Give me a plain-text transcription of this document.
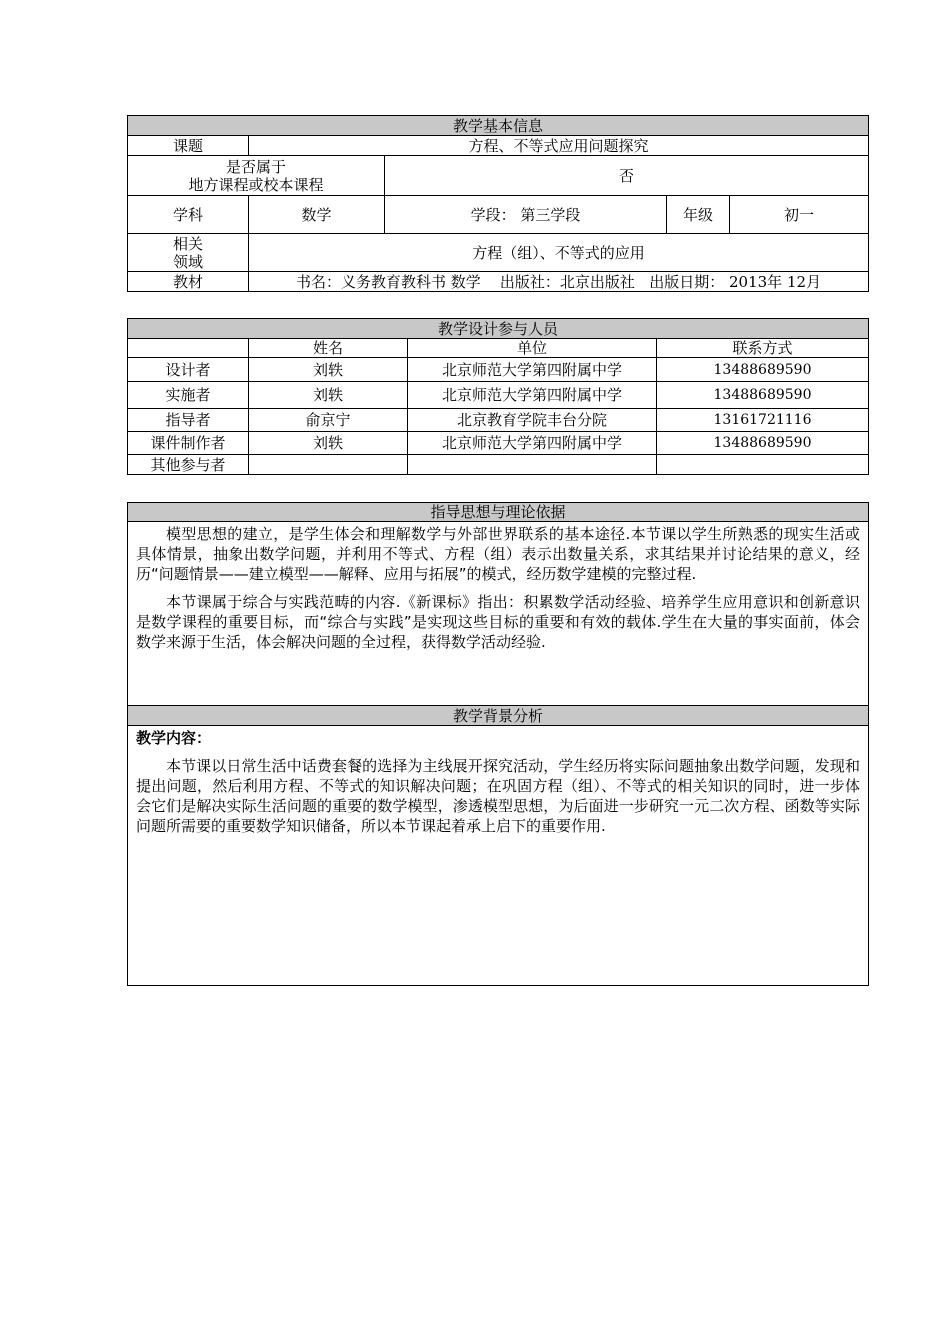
教学基本信息				
课题	方程、不等式应用问题探究			

是否属于
地方课程或校本课程		否		
学科	数学	学段： 第三学段	年级	初一

相关
领域	方程（组）、不等式的应用			
教材	书名：义务教育教科书 数学 出版社：北京出版社 出版日期： 2013年 12月			
教学设计参与人员			
	姓名	单位	联系方式
设计者	刘轶	北京师范大学第四附属中学	13488689590
实施者	刘轶	北京师范大学第四附属中学	13488689590
指导者	俞京宁	北京教育学院丰台分院	13161721116
课件制作者	刘轶	北京师范大学第四附属中学	13488689590
其他参与者			
指导思想与理论依据

模型思想的建立，是学生体会和理解数学与外部世界联系的基本途径.本节课以学生所熟悉的现实生活或具体情景，抽象出数学问题，并利用不等式、方程（组）表示出数量关系，求其结果并讨论结果的意义，经历“问题情景——建立模型——解释、应用与拓展”的模式，经历数学建模的完整过程.

本节课属于综合与实践范畴的内容.《新课标》指出：积累数学活动经验、培养学生应用意识和创新意识是数学课程的重要目标，而“综合与实践”是实现这些目标的重要和有效的载体.学生在大量的事实面前，体会数学来源于生活，体会解决问题的全过程，获得数学活动经验.

教学背景分析

教学内容：

本节课以日常生活中话费套餐的选择为主线展开探究活动，学生经历将实际问题抽象出数学问题，发现和提出问题，然后利用方程、不等式的知识解决问题；在巩固方程（组）、不等式的相关知识的同时，进一步体会它们是解决实际生活问题的重要的数学模型，渗透模型思想，为后面进一步研究一元二次方程、函数等实际问题所需要的重要数学知识储备，所以本节课起着承上启下的重要作用.
